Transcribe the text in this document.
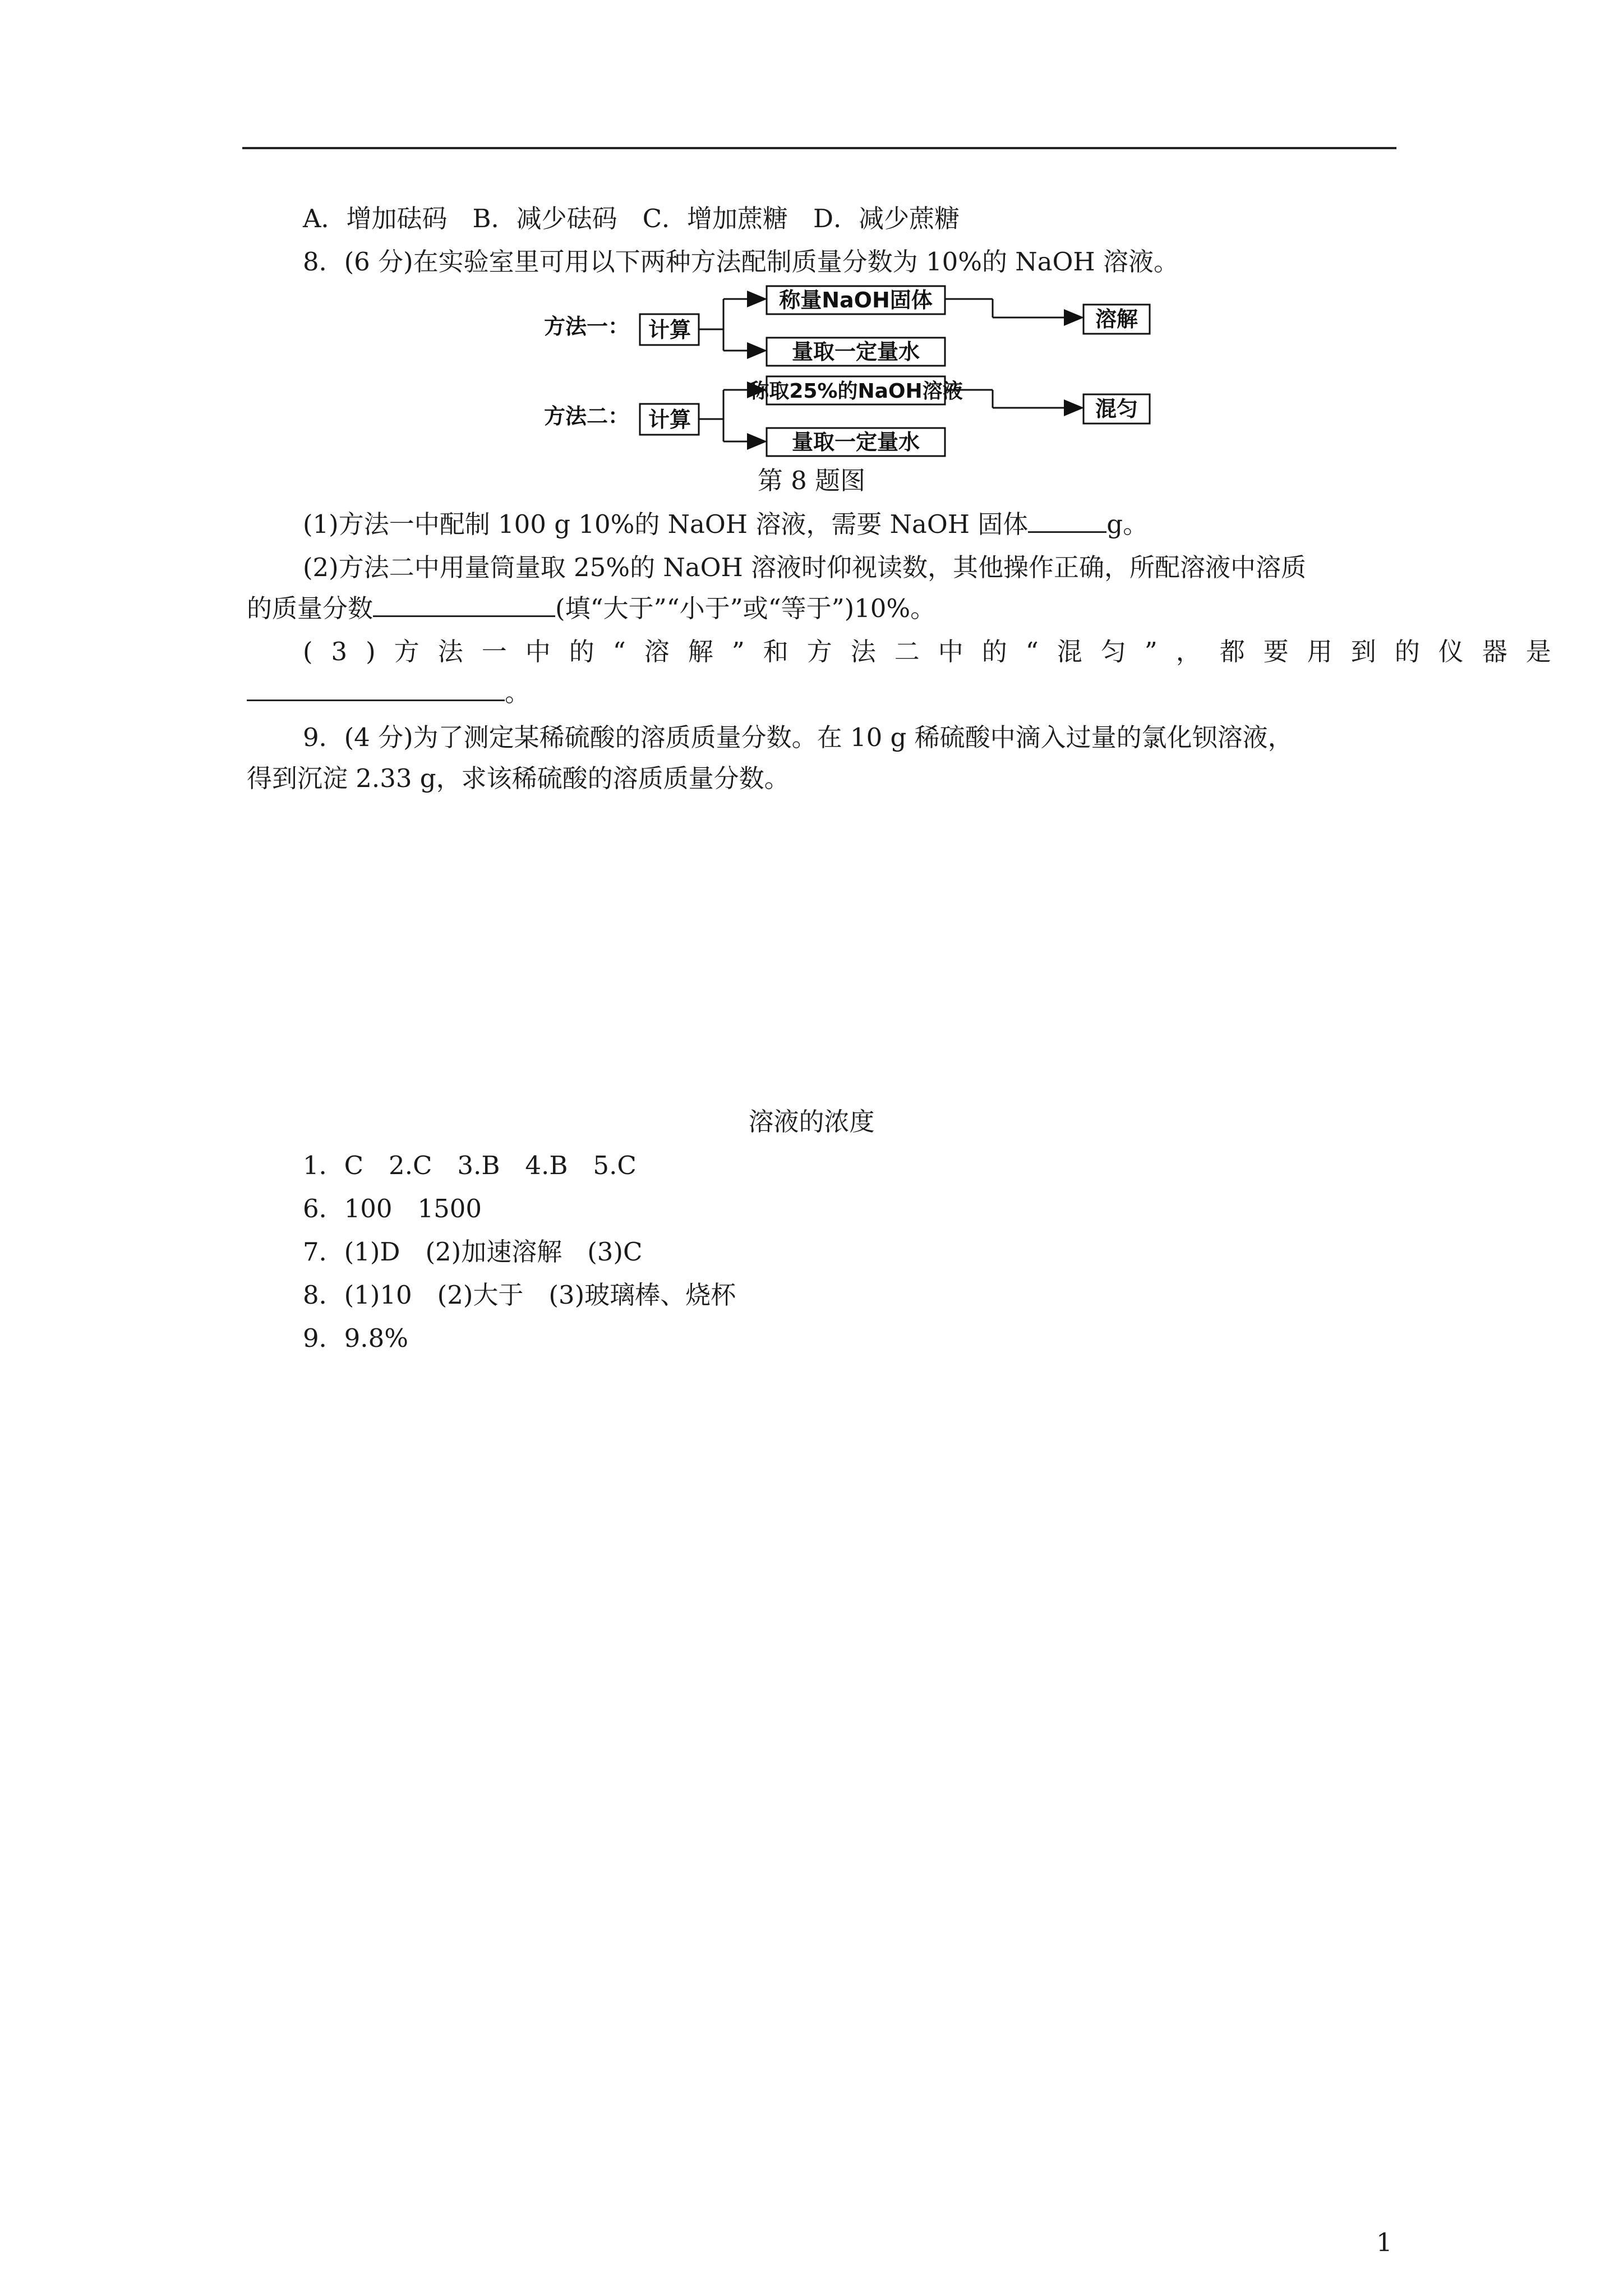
A．增加砝码　B．减少砝码　C．增加蔗糖　D．减少蔗糖
8．(6 分)在实验室里可用以下两种方法配制质量分数为 10%的 NaOH 溶液。
方法一： 计算
称量NaOH固体
量取一定量水
溶解
方法二： 计算
称取25%的NaOH溶液
量取一定量水
混匀
第 8 题图
(1)方法一中配制 100 g 10%的 NaOH 溶液，需要 NaOH 固体	g。
(2)方法二中用量筒量取 25%的 NaOH 溶液时仰视读数，其他操作正确，所配溶液中溶质
的质量分数	(填“大于”“小于”或“等于”)10%。
(3)方法一中的“溶解”和方法二中的“混匀”，都要用到的仪器是
。
9．(4 分)为了测定某稀硫酸的溶质质量分数。在 10 g 稀硫酸中滴入过量的氯化钡溶液，
得到沉淀 2.33 g，求该稀硫酸的溶质质量分数。
溶液的浓度
1．C　2.C　3.B　4.B　5.C
6．100　1500
7．(1)D　(2)加速溶解　(3)C
8．(1)10　(2)大于　(3)玻璃棒、烧杯
9．9.8%
1
